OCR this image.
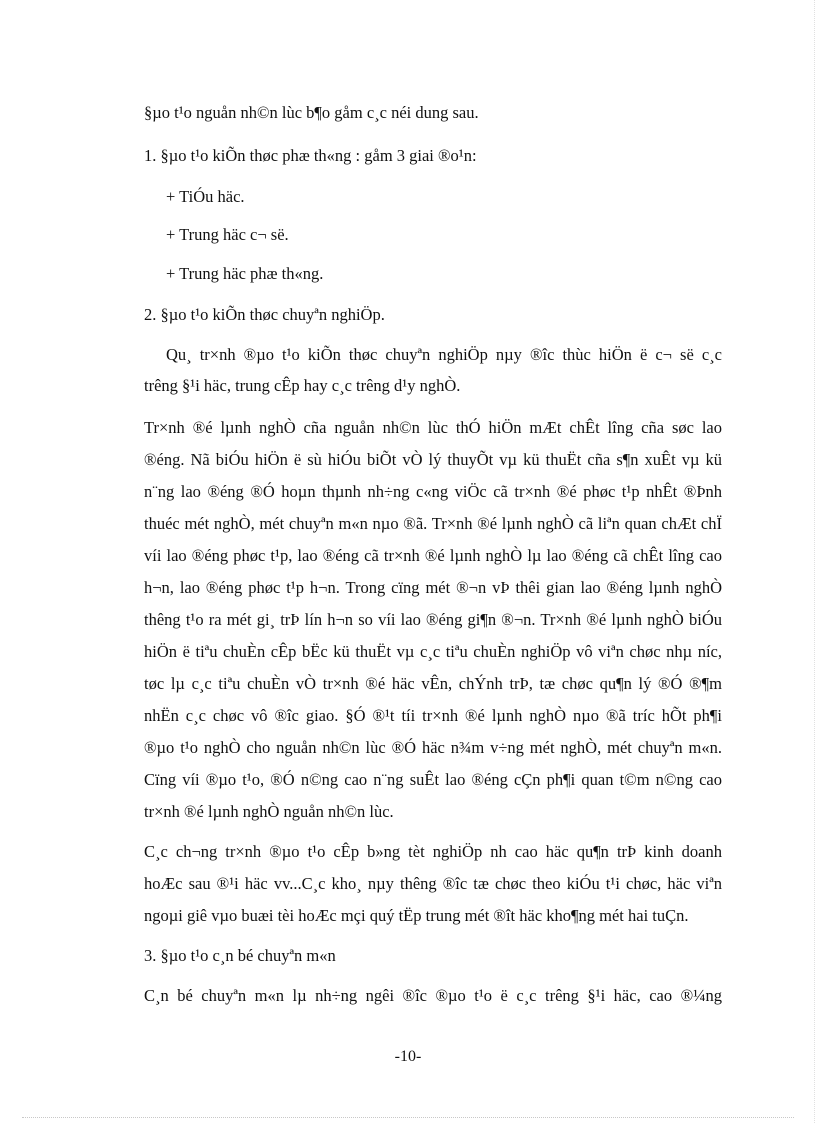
§µo t¹o nguån nh©n lùc b¶o gåm c¸c néi dung sau.
1. §µo t¹o kiÕn thøc phæ th«ng : gåm 3 giai ®o¹n:
+ TiÓu häc.
+ Trung häc c¬ së.
+ Trung häc phæ th«ng.
2. §µo t¹o kiÕn thøc chuyªn nghiÖp.
Qu¸ tr×nh ®µo t¹o kiÕn thøc chuyªn nghiÖp nµy ®îc thùc hiÖn ë c¬ së c¸c
trêng §¹i häc, trung cÊp hay c¸c trêng d¹y nghÒ.
Tr×nh ®é lµnh nghÒ cña nguån nh©n lùc thÓ hiÖn mÆt chÊt lîng cña søc lao
®éng. Nã biÓu hiÖn ë sù hiÓu biÕt vÒ lý thuyÕt vµ kü thuËt cña s¶n xuÊt vµ kü
n¨ng lao ®éng ®Ó hoµn thµnh nh÷ng c«ng viÖc cã tr×nh ®é phøc t¹p nhÊt ®Þnh
thuéc mét nghÒ, mét chuyªn m«n nµo ®ã. Tr×nh ®é lµnh nghÒ cã liªn quan chÆt chÏ
víi lao ®éng phøc t¹p, lao ®éng cã tr×nh ®é lµnh nghÒ lµ lao ®éng cã chÊt lîng cao
h¬n, lao ®éng phøc t¹p h¬n. Trong cïng mét ®¬n vÞ thêi gian lao ®éng lµnh nghÒ
thêng t¹o ra mét gi¸ trÞ lín h¬n so víi lao ®éng gi¶n ®¬n. Tr×nh ®é lµnh nghÒ biÓu
hiÖn ë tiªu chuÈn cÊp bËc kü thuËt vµ c¸c tiªu chuÈn nghiÖp vô viªn chøc nhµ níc,
tøc lµ c¸c tiªu chuÈn vÒ tr×nh ®é häc vÊn, chÝnh trÞ, tæ chøc qu¶n lý ®Ó ®¶m
nhËn c¸c chøc vô ®îc giao. §Ó ®¹t tíi tr×nh ®é lµnh nghÒ nµo ®ã tríc hÕt ph¶i
®µo t¹o nghÒ cho nguån nh©n lùc ®Ó häc n¾m v÷ng mét nghÒ, mét chuyªn m«n.
Cïng víi ®µo t¹o, ®Ó n©ng cao n¨ng suÊt lao ®éng cÇn ph¶i quan t©m n©ng cao
tr×nh ®é lµnh nghÒ nguån nh©n lùc.
C¸c ch¬ng tr×nh ®µo t¹o cÊp b»ng tèt nghiÖp nh cao häc qu¶n trÞ kinh doanh
hoÆc sau ®¹i häc vv...C¸c kho¸ nµy thêng ®îc tæ chøc theo kiÓu t¹i chøc, häc viªn
ngoµi giê vµo buæi tèi hoÆc mçi quý tËp trung mét ®ît häc kho¶ng mét hai tuÇn.
3. §µo t¹o c¸n bé chuyªn m«n
C¸n bé chuyªn m«n lµ nh÷ng ngêi ®îc ®µo t¹o ë c¸c trêng §¹i häc, cao ®¼ng
-10-
